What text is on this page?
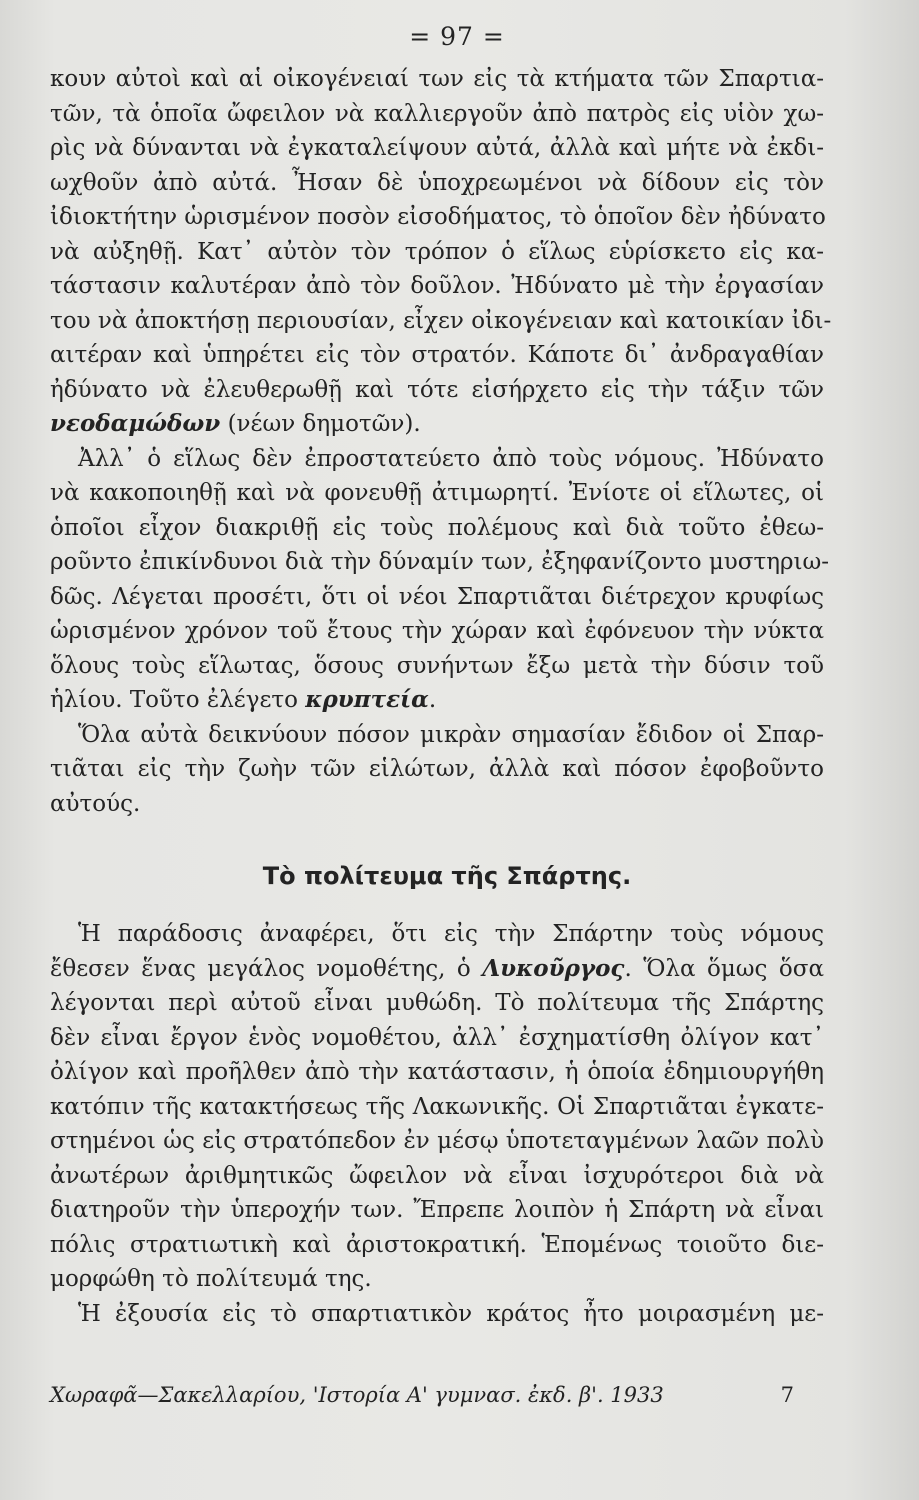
= 97 =

κουν αὐτοὶ καὶ αἱ οἰκογένειαί των εἰς τὰ κτήματα τῶν Σπαρτια-
τῶν, τὰ ὁποῖα ὤφειλον νὰ καλλιεργοῦν ἀπὸ πατρὸς εἰς υἱὸν χω-
ρὶς νὰ δύνανται νὰ ἐγκαταλείψουν αὐτά, ἀλλὰ καὶ μήτε νὰ ἐκδι-
ωχθοῦν ἀπὸ αὐτά. Ἦσαν δὲ ὑποχρεωμένοι νὰ δίδουν εἰς τὸν
ἰδιοκτήτην ὡρισμένον ποσὸν εἰσοδήματος, τὸ ὁποῖον δὲν ἠδύνατο
νὰ αὐξηθῇ. Κατ᾽ αὐτὸν τὸν τρόπον ὁ εἵλως εὑρίσκετο εἰς κα-
τάστασιν καλυτέραν ἀπὸ τὸν δοῦλον. Ἠδύνατο μὲ τὴν ἐργασίαν
του νὰ ἀποκτήσῃ περιουσίαν, εἶχεν οἰκογένειαν καὶ κατοικίαν ἰδι-
αιτέραν καὶ ὑπηρέτει εἰς τὸν στρατόν. Κάποτε δι᾽ ἀνδραγαθίαν
ἠδύνατο νὰ ἐλευθερωθῇ καὶ τότε εἰσήρχετο εἰς τὴν τάξιν τῶν
νεοδαμώδων (νέων δημοτῶν).

Ἀλλ᾽ ὁ εἵλως δὲν ἐπροστατεύετο ἀπὸ τοὺς νόμους. Ἠδύνατο
νὰ κακοποιηθῇ καὶ νὰ φονευθῇ ἀτιμωρητί. Ἐνίοτε οἱ εἵλωτες, οἱ
ὁποῖοι εἶχον διακριθῇ εἰς τοὺς πολέμους καὶ διὰ τοῦτο ἐθεω-
ροῦντο ἐπικίνδυνοι διὰ τὴν δύναμίν των, ἐξηφανίζοντο μυστηριω-
δῶς. Λέγεται προσέτι, ὅτι οἱ νέοι Σπαρτιᾶται διέτρεχον κρυφίως
ὡρισμένον χρόνον τοῦ ἔτους τὴν χώραν καὶ ἐφόνευον τὴν νύκτα
ὅλους τοὺς εἵλωτας, ὅσους συνήντων ἔξω μετὰ τὴν δύσιν τοῦ
ἡλίου. Τοῦτο ἐλέγετο κρυπτεία.

Ὅλα αὐτὰ δεικνύουν πόσον μικρὰν σημασίαν ἔδιδον οἱ Σπαρ-
τιᾶται εἰς τὴν ζωὴν τῶν εἱλώτων, ἀλλὰ καὶ πόσον ἐφοβοῦντο
αὐτούς.

Τὸ πολίτευμα τῆς Σπάρτης.

Ἡ παράδοσις ἀναφέρει, ὅτι εἰς τὴν Σπάρτην τοὺς νόμους
ἔθεσεν ἕνας μεγάλος νομοθέτης, ὁ Λυκοῦργος. Ὅλα ὅμως ὅσα
λέγονται περὶ αὐτοῦ εἶναι μυθώδη. Τὸ πολίτευμα τῆς Σπάρτης
δὲν εἶναι ἔργον ἑνὸς νομοθέτου, ἀλλ᾽ ἐσχηματίσθη ὀλίγον κατ᾽
ὀλίγον καὶ προῆλθεν ἀπὸ τὴν κατάστασιν, ἡ ὁποία ἐδημιουργήθη
κατόπιν τῆς κατακτήσεως τῆς Λακωνικῆς. Οἱ Σπαρτιᾶται ἐγκατε-
στημένοι ὡς εἰς στρατόπεδον ἐν μέσῳ ὑποτεταγμένων λαῶν πολὺ
ἀνωτέρων ἀριθμητικῶς ὤφειλον νὰ εἶναι ἰσχυρότεροι διὰ νὰ
διατηροῦν τὴν ὑπεροχήν των. Ἔπρεπε λοιπὸν ἡ Σπάρτη νὰ εἶναι
πόλις στρατιωτικὴ καὶ ἀριστοκρατική. Ἑπομένως τοιοῦτο διε-
μορφώθη τὸ πολίτευμά της.

Ἡ ἐξουσία εἰς τὸ σπαρτιατικὸν κράτος ἦτο μοιρασμένη με-

Χωραφᾶ—Σακελλαρίου, 'Ιστορία Α' γυμνασ. ἐκδ. β'. 1933	7
